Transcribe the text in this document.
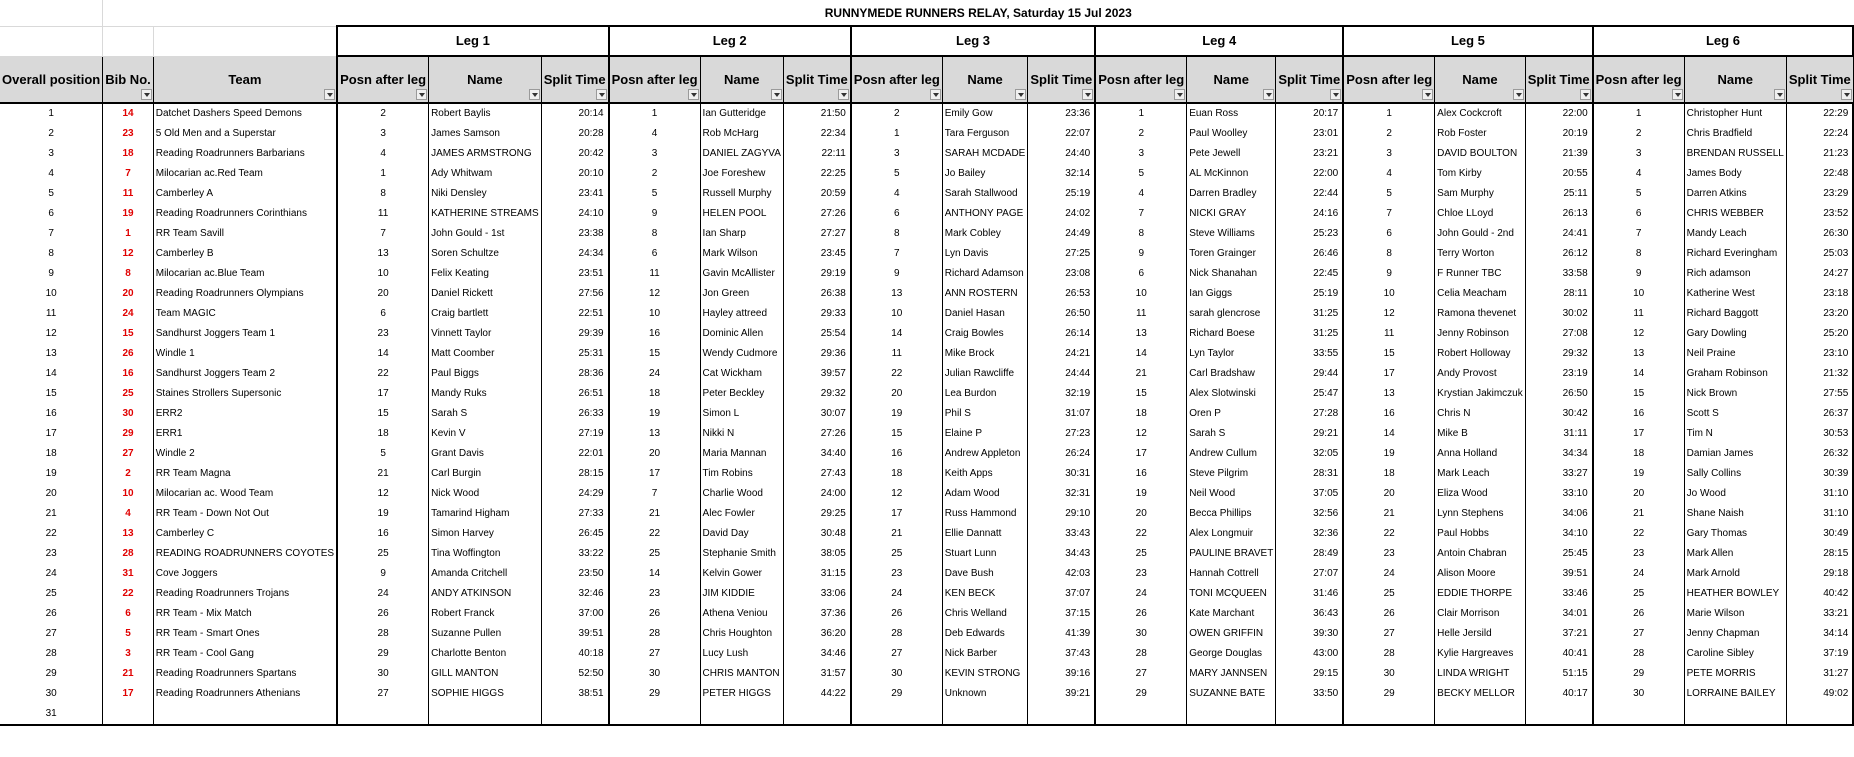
	RUNNYMEDE RUNNERS RELAY, Saturday 15 Jul 2023																			
			Leg 1			Leg 2			Leg 3			Leg 4			Leg 5			Leg 6		
Overall position	Bib No.	Team	Posn after leg	Name	Split Time	Posn after leg	Name	Split Time	Posn after leg	Name	Split Time	Posn after leg	Name	Split Time	Posn after leg	Name	Split Time	Posn after leg	Name	Split Time

1	14	Datchet Dashers Speed Demons	2	Robert Baylis	20:14	1	Ian Gutteridge	21:50	2	Emily Gow	23:36	1	Euan Ross	20:17	1	Alex Cockcroft	22:00	1	Christopher Hunt	22:29
2	23	5 Old Men and a Superstar	3	James Samson	20:28	4	Rob McHarg	22:34	1	Tara Ferguson	22:07	2	Paul Woolley	23:01	2	Rob Foster	20:19	2	Chris Bradfield	22:24
3	18	Reading Roadrunners Barbarians	4	JAMES ARMSTRONG	20:42	3	DANIEL ZAGYVA	22:11	3	SARAH MCDADE	24:40	3	Pete Jewell	23:21	3	DAVID BOULTON	21:39	3	BRENDAN RUSSELL	21:23
4	7	Milocarian ac.Red Team	1	Ady Whitwam	20:10	2	Joe Foreshew	22:25	5	Jo Bailey	32:14	5	AL McKinnon	22:00	4	Tom Kirby	20:55	4	James Body	22:48
5	11	Camberley A	8	Niki Densley	23:41	5	Russell Murphy	20:59	4	Sarah Stallwood	25:19	4	Darren Bradley	22:44	5	Sam Murphy	25:11	5	Darren Atkins	23:29
6	19	Reading Roadrunners Corinthians	11	KATHERINE STREAMS	24:10	9	HELEN POOL	27:26	6	ANTHONY PAGE	24:02	7	NICKI GRAY	24:16	7	Chloe LLoyd	26:13	6	CHRIS WEBBER	23:52
7	1	RR Team Savill	7	John Gould - 1st	23:38	8	Ian Sharp	27:27	8	Mark Cobley	24:49	8	Steve Williams	25:23	6	John Gould - 2nd	24:41	7	Mandy Leach	26:30
8	12	Camberley B	13	Soren Schultze	24:34	6	Mark Wilson	23:45	7	Lyn Davis	27:25	9	Toren Grainger	26:46	8	Terry Worton	26:12	8	Richard Everingham	25:03
9	8	Milocarian ac.Blue Team	10	Felix Keating	23:51	11	Gavin McAllister	29:19	9	Richard Adamson	23:08	6	Nick Shanahan	22:45	9	F Runner TBC	33:58	9	Rich adamson	24:27
10	20	Reading Roadrunners Olympians	20	Daniel Rickett	27:56	12	Jon Green	26:38	13	ANN ROSTERN	26:53	10	Ian Giggs	25:19	10	Celia Meacham	28:11	10	Katherine West	23:18
11	24	Team MAGIC	6	Craig bartlett	22:51	10	Hayley attreed	29:33	10	Daniel Hasan	26:50	11	sarah glencrose	31:25	12	Ramona thevenet	30:02	11	Richard Baggott	23:20
12	15	Sandhurst Joggers Team 1	23	Vinnett Taylor	29:39	16	Dominic Allen	25:54	14	Craig Bowles	26:14	13	Richard Boese	31:25	11	Jenny Robinson	27:08	12	Gary Dowling	25:20
13	26	Windle 1	14	Matt Coomber	25:31	15	Wendy Cudmore	29:36	11	Mike Brock	24:21	14	Lyn Taylor	33:55	15	Robert Holloway	29:32	13	Neil Praine	23:10
14	16	Sandhurst Joggers Team 2	22	Paul Biggs	28:36	24	Cat Wickham	39:57	22	Julian Rawcliffe	24:44	21	Carl Bradshaw	29:44	17	Andy Provost	23:19	14	Graham Robinson	21:32
15	25	Staines Strollers Supersonic	17	Mandy Ruks	26:51	18	Peter Beckley	29:32	20	Lea Burdon	32:19	15	Alex Slotwinski	25:47	13	Krystian Jakimczuk	26:50	15	Nick Brown	27:55
16	30	ERR2	15	Sarah S	26:33	19	Simon L	30:07	19	Phil S	31:07	18	Oren P	27:28	16	Chris N	30:42	16	Scott S	26:37
17	29	ERR1	18	Kevin V	27:19	13	Nikki N	27:26	15	Elaine P	27:23	12	Sarah S	29:21	14	Mike B	31:11	17	Tim N	30:53
18	27	Windle 2	5	Grant Davis	22:01	20	Maria Mannan	34:40	16	Andrew Appleton	26:24	17	Andrew Cullum	32:05	19	Anna Holland	34:34	18	Damian James	26:32
19	2	RR Team Magna	21	Carl Burgin	28:15	17	Tim Robins	27:43	18	Keith Apps	30:31	16	Steve Pilgrim	28:31	18	Mark Leach	33:27	19	Sally Collins	30:39
20	10	Milocarian ac. Wood Team	12	Nick Wood	24:29	7	Charlie Wood	24:00	12	Adam Wood	32:31	19	Neil Wood	37:05	20	Eliza Wood	33:10	20	Jo Wood	31:10
21	4	RR Team - Down Not Out	19	Tamarind Higham	27:33	21	Alec Fowler	29:25	17	Russ Hammond	29:10	20	Becca Phillips	32:56	21	Lynn Stephens	34:06	21	Shane Naish	31:10
22	13	Camberley C	16	Simon Harvey	26:45	22	David Day	30:48	21	Ellie Dannatt	33:43	22	Alex Longmuir	32:36	22	Paul Hobbs	34:10	22	Gary Thomas	30:49
23	28	READING ROADRUNNERS COYOTES	25	Tina Woffington	33:22	25	Stephanie Smith	38:05	25	Stuart Lunn	34:43	25	PAULINE BRAVET	28:49	23	Antoin Chabran	25:45	23	Mark Allen	28:15
24	31	Cove Joggers	9	Amanda Critchell	23:50	14	Kelvin Gower	31:15	23	Dave Bush	42:03	23	Hannah Cottrell	27:07	24	Alison Moore	39:51	24	Mark Arnold	29:18
25	22	Reading Roadrunners Trojans	24	ANDY ATKINSON	32:46	23	JIM KIDDIE	33:06	24	KEN BECK	37:07	24	TONI MCQUEEN	31:46	25	EDDIE THORPE	33:46	25	HEATHER BOWLEY	40:42
26	6	RR Team - Mix Match	26	Robert Franck	37:00	26	Athena Veniou	37:36	26	Chris Welland	37:15	26	Kate Marchant	36:43	26	Clair Morrison	34:01	26	Marie Wilson	33:21
27	5	RR Team - Smart Ones	28	Suzanne Pullen	39:51	28	Chris Houghton	36:20	28	Deb Edwards	41:39	30	OWEN GRIFFIN	39:30	27	Helle Jersild	37:21	27	Jenny Chapman	34:14
28	3	RR Team - Cool Gang	29	Charlotte Benton	40:18	27	Lucy Lush	34:46	27	Nick Barber	37:43	28	George Douglas	43:00	28	Kylie Hargreaves	40:41	28	Caroline Sibley	37:19
29	21	Reading Roadrunners Spartans	30	GILL MANTON	52:50	30	CHRIS MANTON	31:57	30	KEVIN STRONG	39:16	27	MARY JANNSEN	29:15	30	LINDA WRIGHT	51:15	29	PETE MORRIS	31:27
30	17	Reading Roadrunners Athenians	27	SOPHIE HIGGS	38:51	29	PETER HIGGS	44:22	29	Unknown	39:21	29	SUZANNE BATE	33:50	29	BECKY MELLOR	40:17	30	LORRAINE BAILEY	49:02
31																				
